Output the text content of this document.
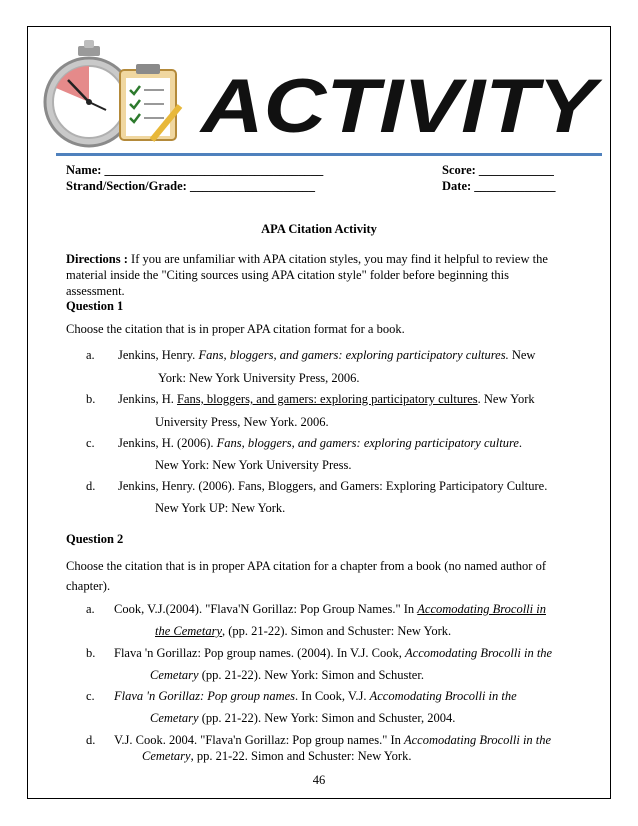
ACTIVITY
Name: ___________________________________	Score: ____________
Strand/Section/Grade: ____________________	Date: _____________
APA Citation Activity
Directions : If you are unfamiliar with APA citation styles, you may find it helpful to review the material inside the "Citing sources using APA citation style" folder before beginning this assessment.
Question 1
Choose the citation that is in proper APA citation format for a book.
a. Jenkins, Henry. Fans, bloggers, and gamers: exploring participatory cultures. New
York: New York University Press, 2006.
b. Jenkins, H. Fans, bloggers, and gamers: exploring participatory cultures. New York
University Press, New York. 2006.
c. Jenkins, H. (2006). Fans, bloggers, and gamers: exploring participatory culture.
New York: New York University Press.
d. Jenkins, Henry. (2006). Fans, Bloggers, and Gamers: Exploring Participatory Culture.
New York UP: New York.
Question 2
Choose the citation that is in proper APA citation for a chapter from a book (no named author of chapter).
a. Cook, V.J.(2004). "Flava'N Gorillaz: Pop Group Names." In Accomodating Brocolli in
the Cemetary, (pp. 21-22). Simon and Schuster: New York.
b. Flava 'n Gorillaz: Pop group names. (2004). In V.J. Cook, Accomodating Brocolli in the
Cemetary (pp. 21-22). New York: Simon and Schuster.
c. Flava 'n Gorillaz: Pop group names. In Cook, V.J. Accomodating Brocolli in the
Cemetary (pp. 21-22). New York: Simon and Schuster, 2004.
d. V.J. Cook. 2004. "Flava'n Gorillaz: Pop group names." In Accomodating Brocolli in the
Cemetary, pp. 21-22. Simon and Schuster: New York.
46
